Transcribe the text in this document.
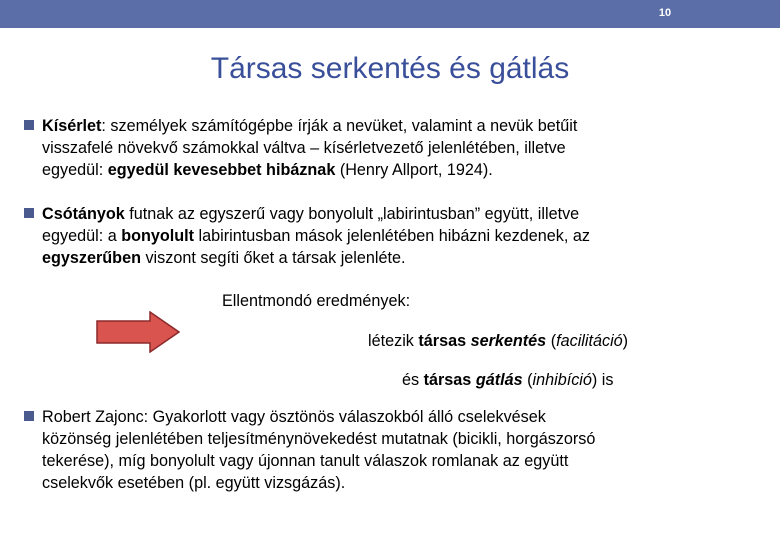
10
Társas serkentés és gátlás
Kísérlet: személyek számítógépbe írják a nevüket, valamint a nevük betűit
visszafelé növekvő számokkal váltva – kísérletvezető jelenlétében, illetve
egyedül: egyedül kevesebbet hibáznak (Henry Allport, 1924).
Csótányok futnak az egyszerű vagy bonyolult „labirintusban” együtt, illetve
egyedül: a bonyolult labirintusban mások jelenlétében hibázni kezdenek, az
egyszerűben viszont segíti őket a társak jelenléte.
Ellentmondó eredmények:
létezik társas serkentés (facilitáció)
és társas gátlás (inhibíció) is
Robert Zajonc: Gyakorlott vagy ösztönös válaszokból álló cselekvések
közönség jelenlétében teljesítménynövekedést mutatnak (bicikli, horgászorsó
tekerése), míg bonyolult vagy újonnan tanult válaszok romlanak az együtt
cselekvők esetében (pl. együtt vizsgázás).
